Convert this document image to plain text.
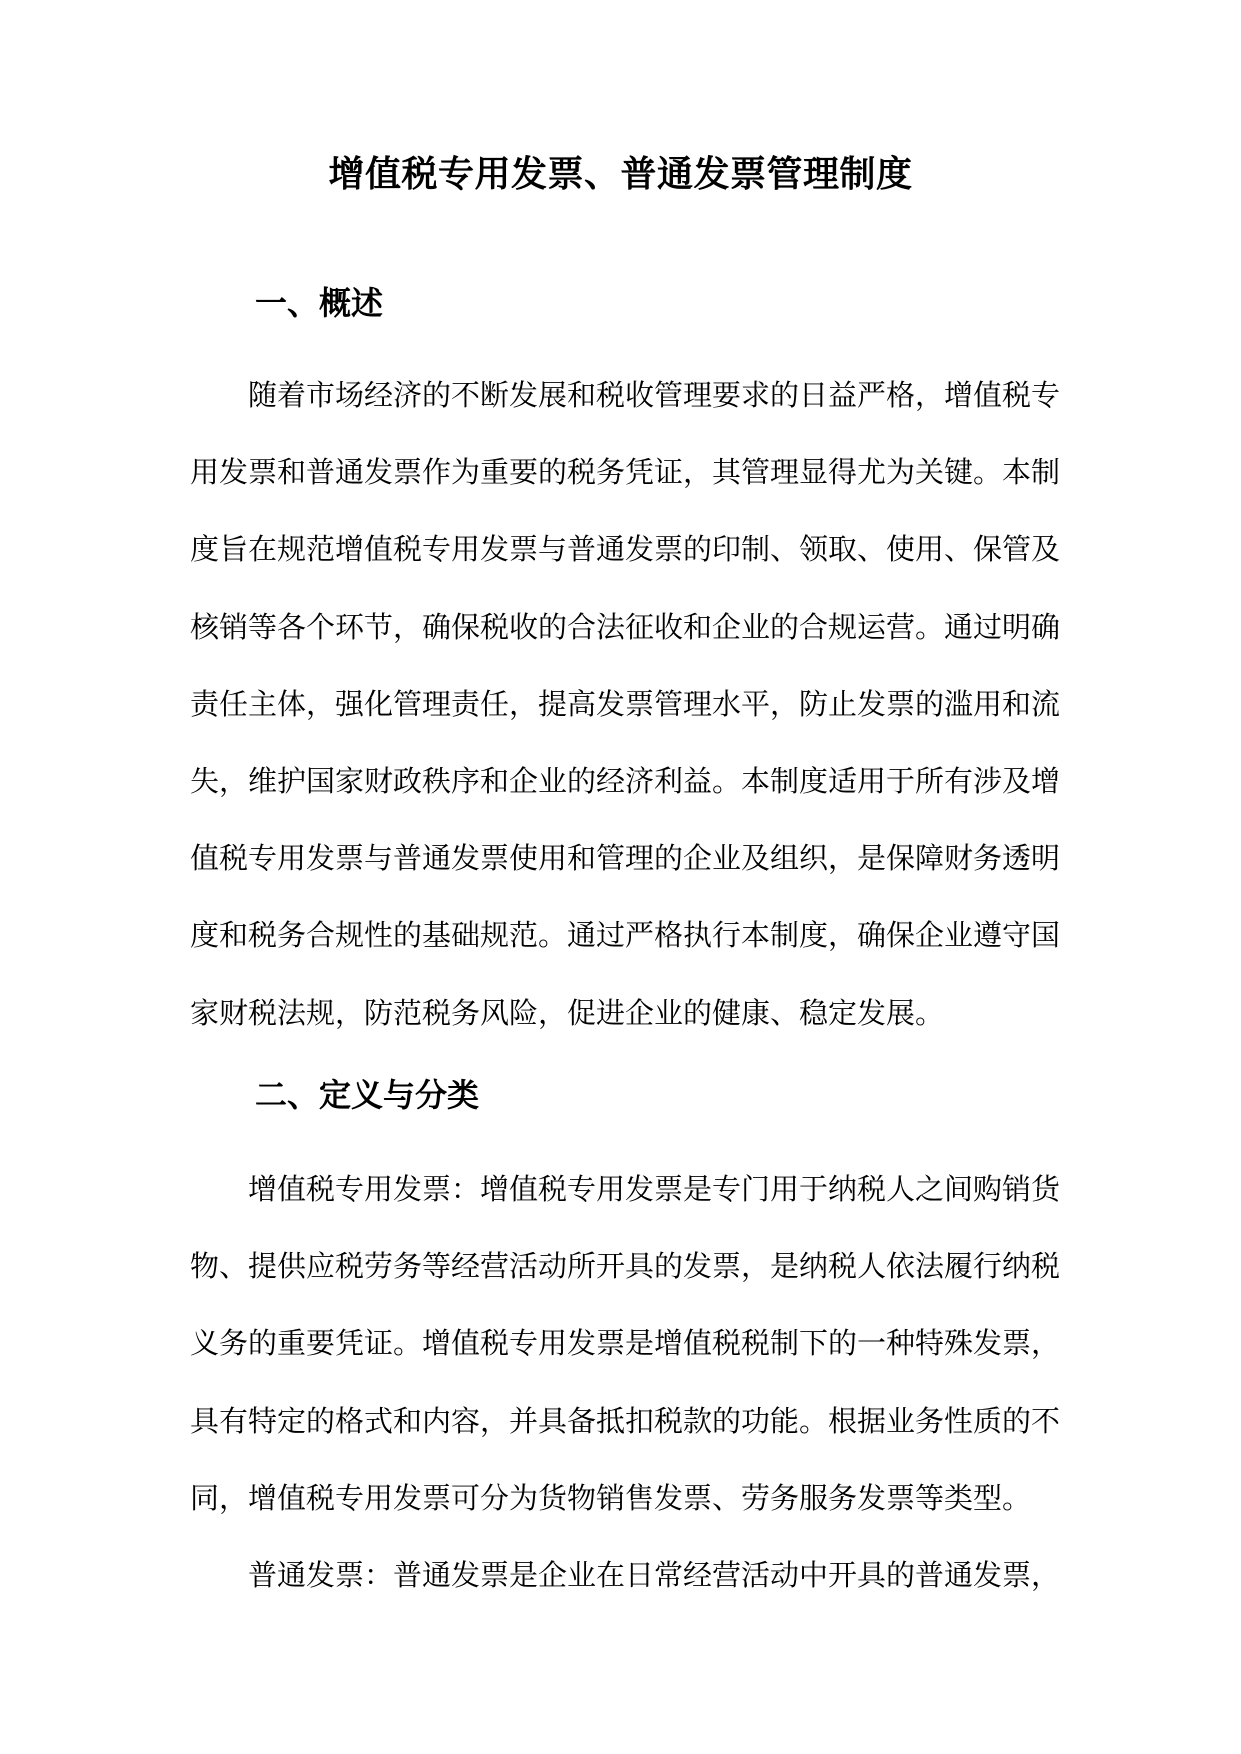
增值税专用发票、普通发票管理制度
一、概述

随着市场经济的不断发展和税收管理要求的日益严格，增值税专用发票和普通发票作为重要的税务凭证，其管理显得尤为关键。本制度旨在规范增值税专用发票与普通发票的印制、领取、使用、保管及核销等各个环节，确保税收的合法征收和企业的合规运营。通过明确责任主体，强化管理责任，提高发票管理水平，防止发票的滥用和流失，维护国家财政秩序和企业的经济利益。本制度适用于所有涉及增值税专用发票与普通发票使用和管理的企业及组织，是保障财务透明度和税务合规性的基础规范。通过严格执行本制度，确保企业遵守国家财税法规，防范税务风险，促进企业的健康、稳定发展。

二、定义与分类

增值税专用发票：增值税专用发票是专门用于纳税人之间购销货物、提供应税劳务等经营活动所开具的发票，是纳税人依法履行纳税义务的重要凭证。增值税专用发票是增值税税制下的一种特殊发票，具有特定的格式和内容，并具备抵扣税款的功能。根据业务性质的不同，增值税专用发票可分为货物销售发票、劳务服务发票等类型。

普通发票：普通发票是企业在日常经营活动中开具的普通发票，
